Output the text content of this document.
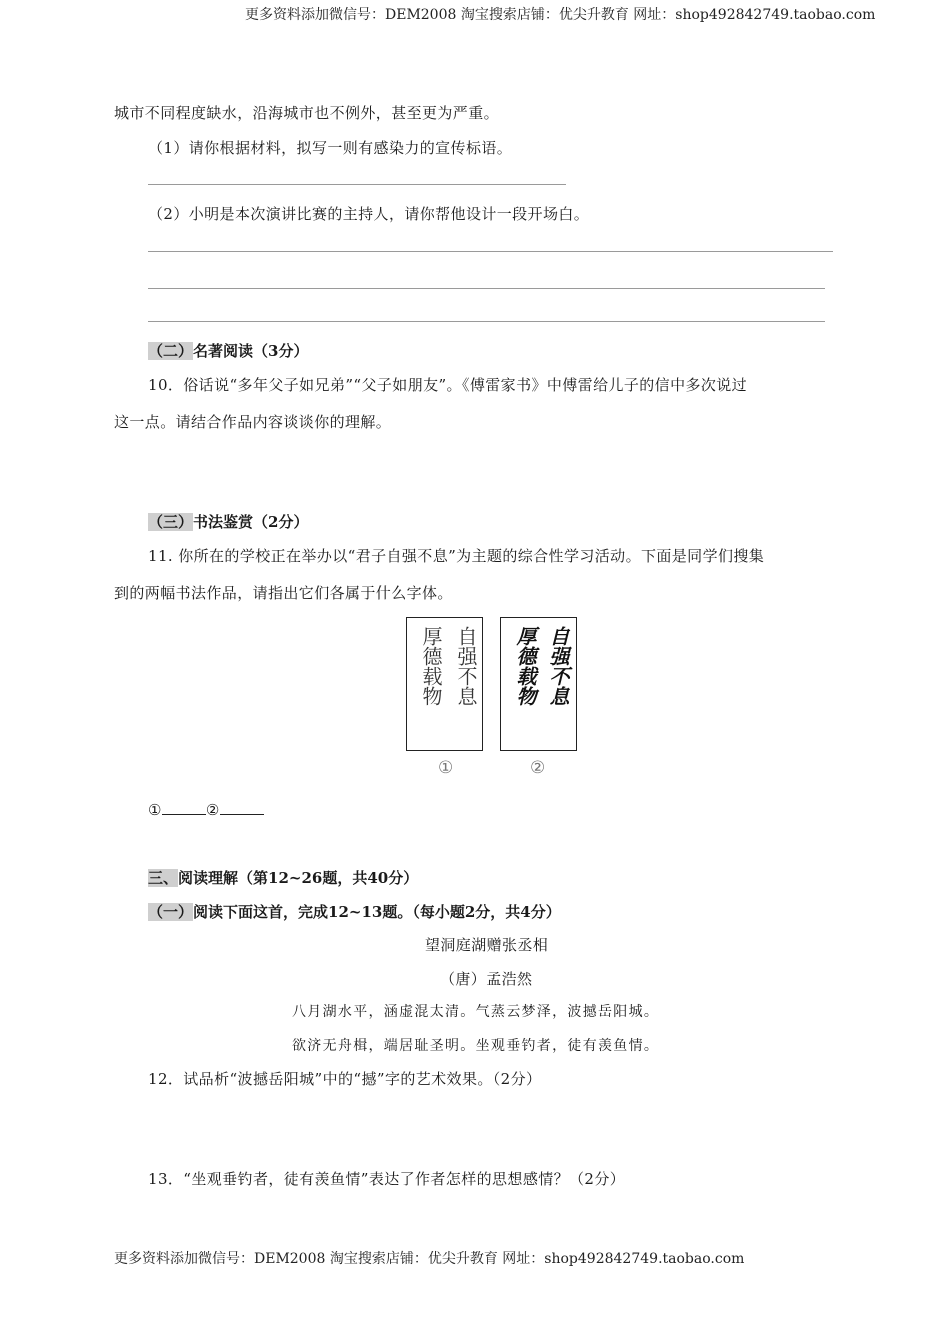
更多资料添加微信号：DEM2008 淘宝搜索店铺：优尖升教育 网址：shop492842749.taobao.com
城市不同程度缺水，沿海城市也不例外，甚至更为严重。
（1）请你根据材料，拟写一则有感染力的宣传标语。
（2）小明是本次演讲比赛的主持人，请你帮他设计一段开场白。
（二）名著阅读（3分）
10．俗话说“多年父子如兄弟”“父子如朋友”。《傅雷家书》中傅雷给儿子的信中多次说过
这一点。请结合作品内容谈谈你的理解。
（三）书法鉴赏（2分）
11. 你所在的学校正在举办以“君子自强不息”为主题的综合性学习活动。下面是同学们搜集
到的两幅书法作品，请指出它们各属于什么字体。
自强不息
厚德载物	自强不息
厚德载物
①	②
①	②
三、阅读理解（第12~26题，共40分）
（一）阅读下面这首，完成12~13题。（每小题2分，共4分）
望洞庭湖赠张丞相
（唐）孟浩然
八月湖水平，涵虚混太清。气蒸云梦泽，波撼岳阳城。
欲济无舟楫，端居耻圣明。坐观垂钓者，徒有羡鱼情。
12．试品析“波撼岳阳城”中的“撼”字的艺术效果。（2分）
13．“坐观垂钓者，徒有羡鱼情”表达了作者怎样的思想感情？（2分）
更多资料添加微信号：DEM2008 淘宝搜索店铺：优尖升教育 网址：shop492842749.taobao.com
